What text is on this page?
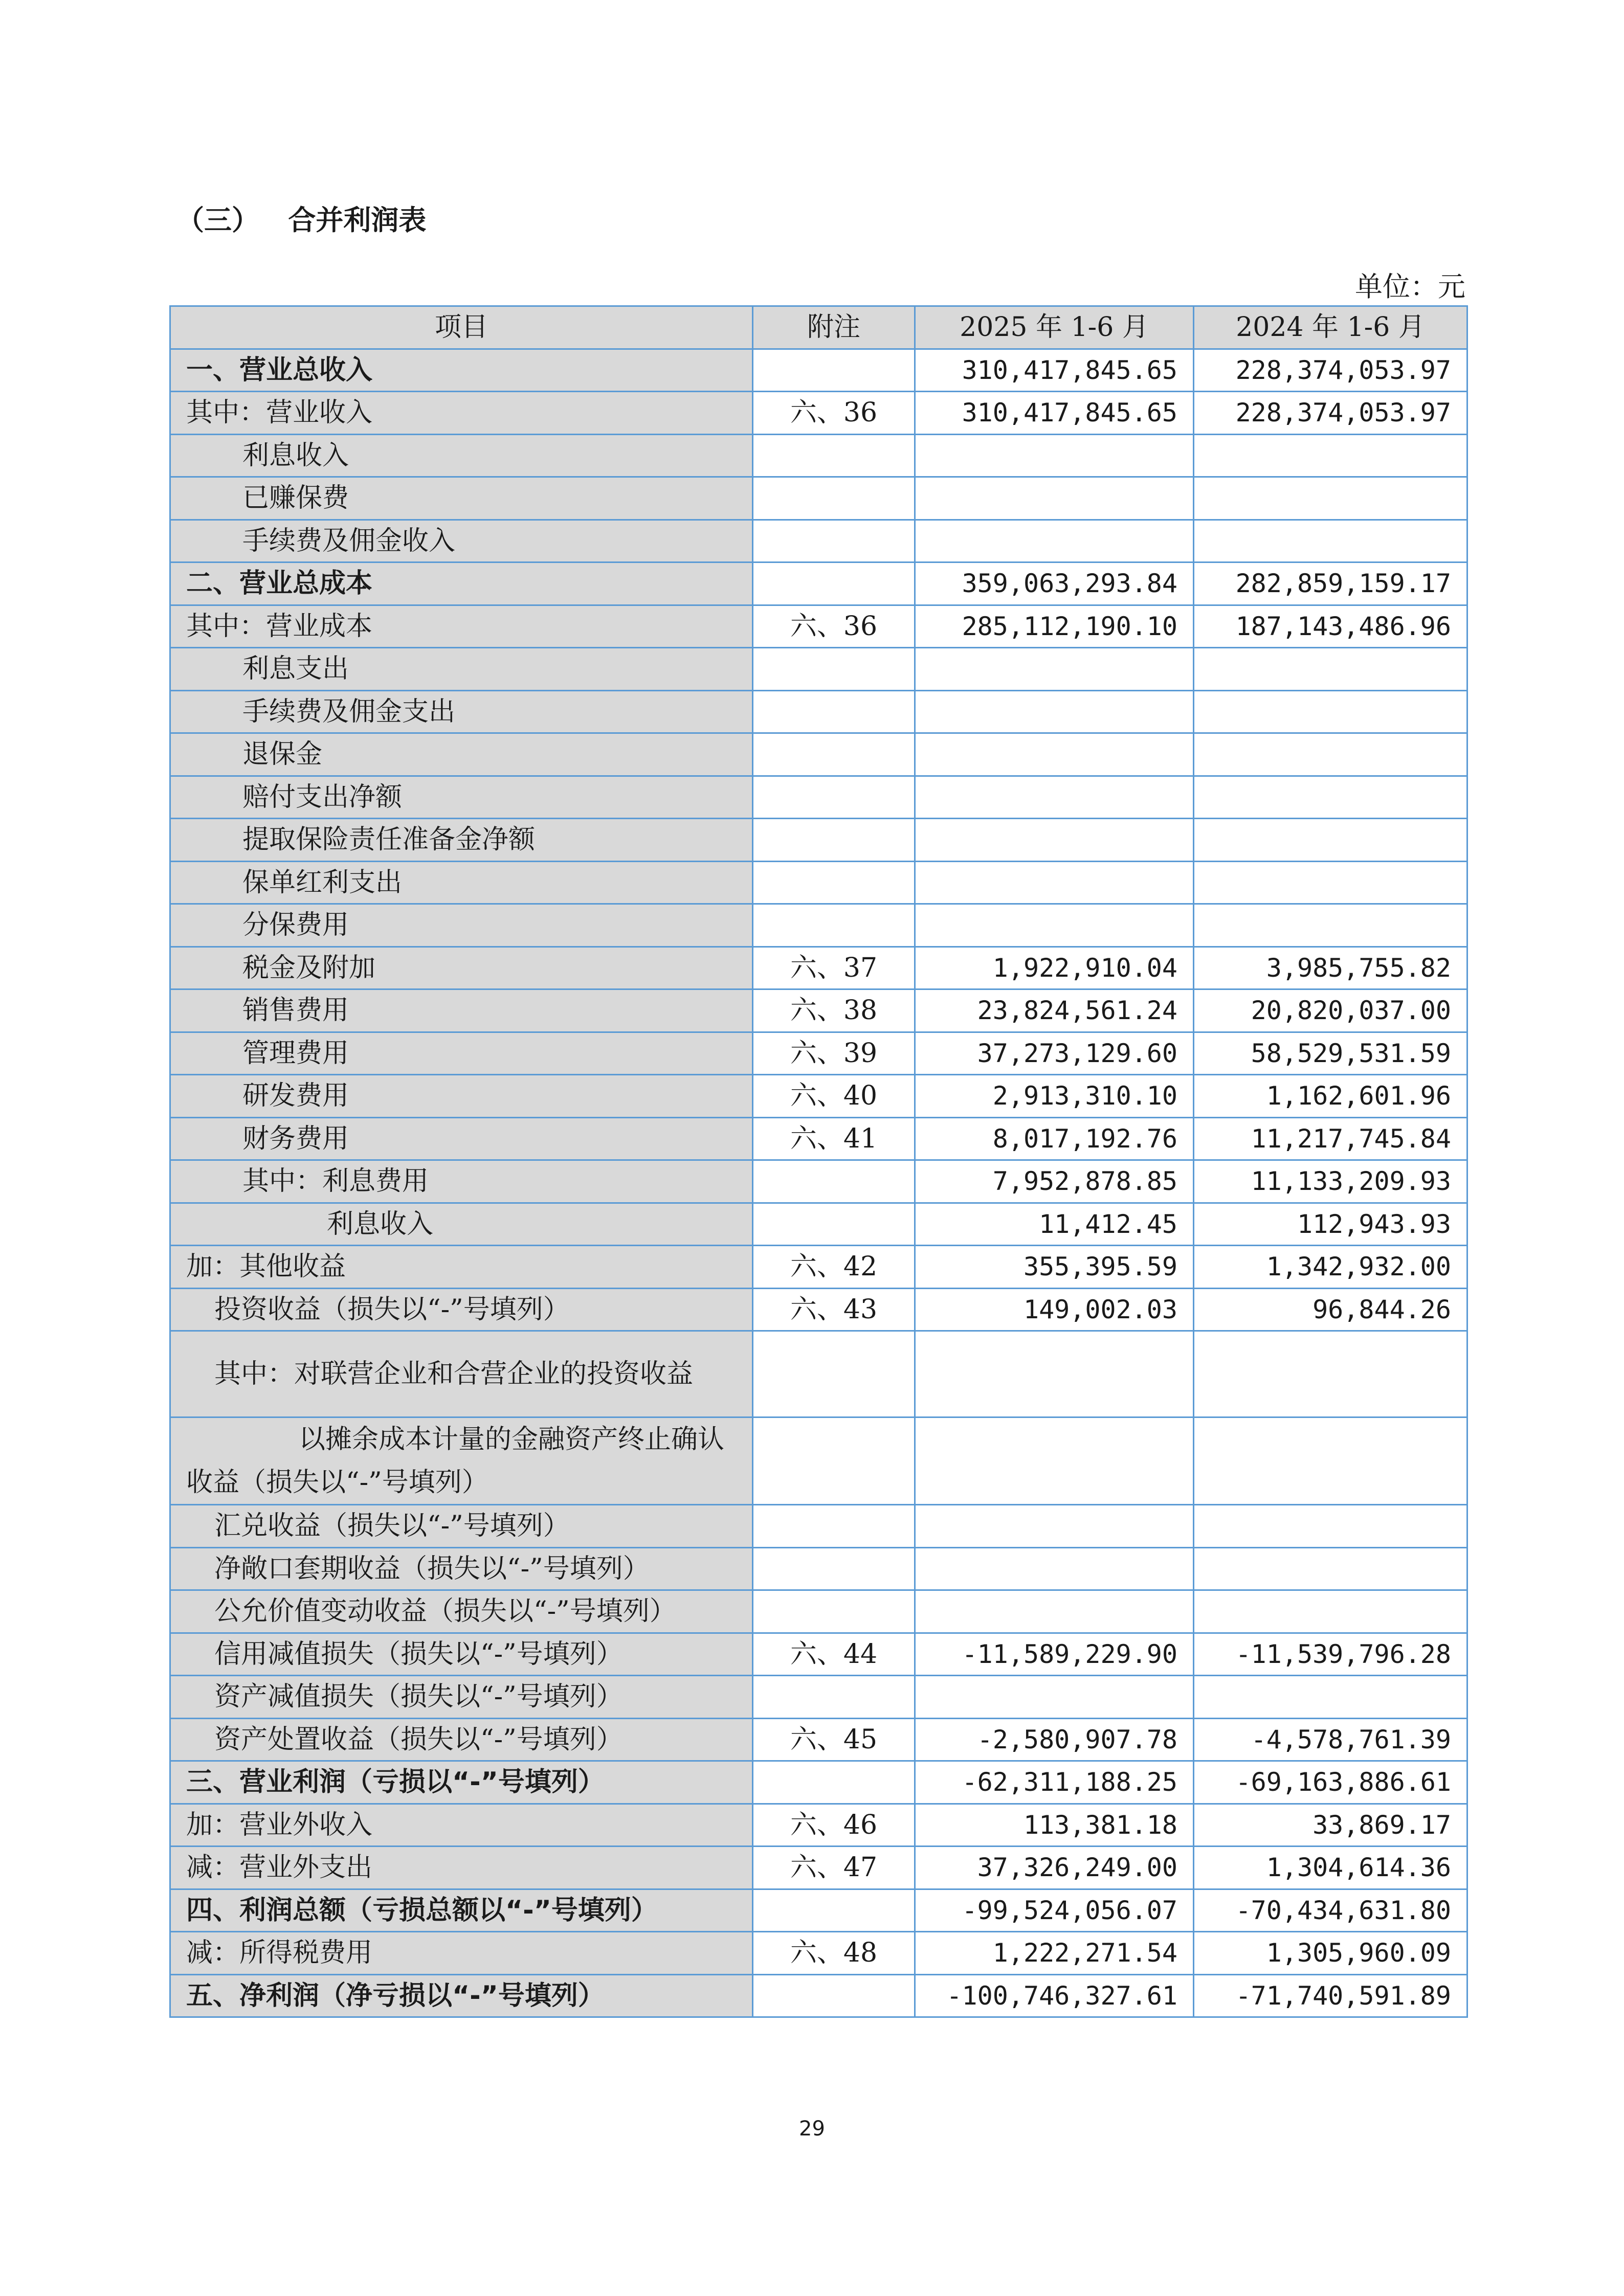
（三）   合并利润表
单位：元
项目	附注	2025 年 1-6 月	2024 年 1-6 月
一、营业总收入		310,417,845.65	228,374,053.97
其中：营业收入	六、36	310,417,845.65	228,374,053.97
利息收入			
已赚保费			
手续费及佣金收入			
二、营业总成本		359,063,293.84	282,859,159.17
其中：营业成本	六、36	285,112,190.10	187,143,486.96
利息支出			
手续费及佣金支出			
退保金			
赔付支出净额			
提取保险责任准备金净额			
保单红利支出			
分保费用			
税金及附加	六、37	1,922,910.04	3,985,755.82
销售费用	六、38	23,824,561.24	20,820,037.00
管理费用	六、39	37,273,129.60	58,529,531.59
研发费用	六、40	2,913,310.10	1,162,601.96
财务费用	六、41	8,017,192.76	11,217,745.84
其中：利息费用		7,952,878.85	11,133,209.93
利息收入		11,412.45	112,943.93
加：其他收益	六、42	355,395.59	1,342,932.00
投资收益（损失以“-”号填列）	六、43	149,002.03	96,844.26
其中：对联营企业和合营企业的投资收益			
以摊余成本计量的金融资产终止确认收益（损失以“-”号填列）			
汇兑收益（损失以“-”号填列）			
净敞口套期收益（损失以“-”号填列）			
公允价值变动收益（损失以“-”号填列）			
信用减值损失（损失以“-”号填列）	六、44	-11,589,229.90	-11,539,796.28
资产减值损失（损失以“-”号填列）			
资产处置收益（损失以“-”号填列）	六、45	-2,580,907.78	-4,578,761.39
三、营业利润（亏损以“-”号填列）		-62,311,188.25	-69,163,886.61
加：营业外收入	六、46	113,381.18	33,869.17
减：营业外支出	六、47	37,326,249.00	1,304,614.36
四、利润总额（亏损总额以“-”号填列）		-99,524,056.07	-70,434,631.80
减：所得税费用	六、48	1,222,271.54	1,305,960.09
五、净利润（净亏损以“-”号填列）		-100,746,327.61	-71,740,591.89
29
